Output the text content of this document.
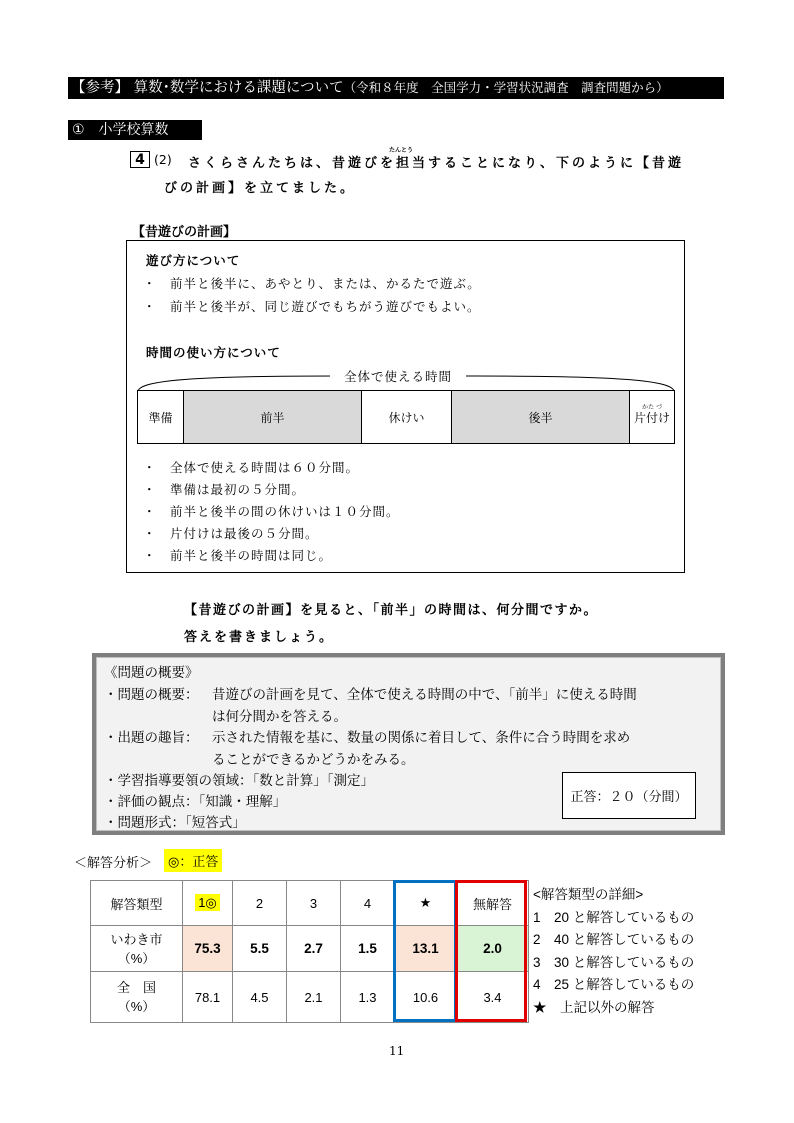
【参考】 算数･数学における課題について（令和８年度　全国学力・学習状況調査　調査問題から）
①　小学校算数
4 (2)
たんとう
さくらさんたちは、昔遊びを担当することになり、下のように【昔遊
びの計画】を立てました。
【昔遊びの計画】
遊び方について
・　前半と後半に、あやとり、または、かるたで遊ぶ。
・　前半と後半が、同じ遊びでもちがう遊びでもよい。
時間の使い方について
全体で使える時間
準備	前半	休けい	後半
かた づ
片付け
・　全体で使える時間は６０分間。
・　準備は最初の５分間。
・　前半と後半の間の休けいは１０分間。
・　片付けは最後の５分間。
・　前半と後半の時間は同じ。
【昔遊びの計画】を見ると、「前半」の時間は、何分間ですか。
答えを書きましょう。
《問題の概要》
・問題の概要： 昔遊びの計画を見て、全体で使える時間の中で、「前半」に使える時間
は何分間かを答える。
・出題の趣旨： 示された情報を基に、数量の関係に着目して、条件に合う時間を求め
ることができるかどうかをみる。
・学習指導要領の領域：「数と計算」「測定」
・評価の観点：「知識・理解」
・問題形式：「短答式」
正答：２０（分間）
＜解答分析＞	◎：正答
解答類型	1◎	2	3	4	★	無解答
いわき市
（%）	75.3	5.5	2.7	1.5	13.1	2.0
全　国
（%）	78.1	4.5	2.1	1.3	10.6	3.4
<解答類型の詳細>
1　20 と解答しているもの
2　40 と解答しているもの
3　30 と解答しているもの
4　25 と解答しているもの
★　上記以外の解答
11
